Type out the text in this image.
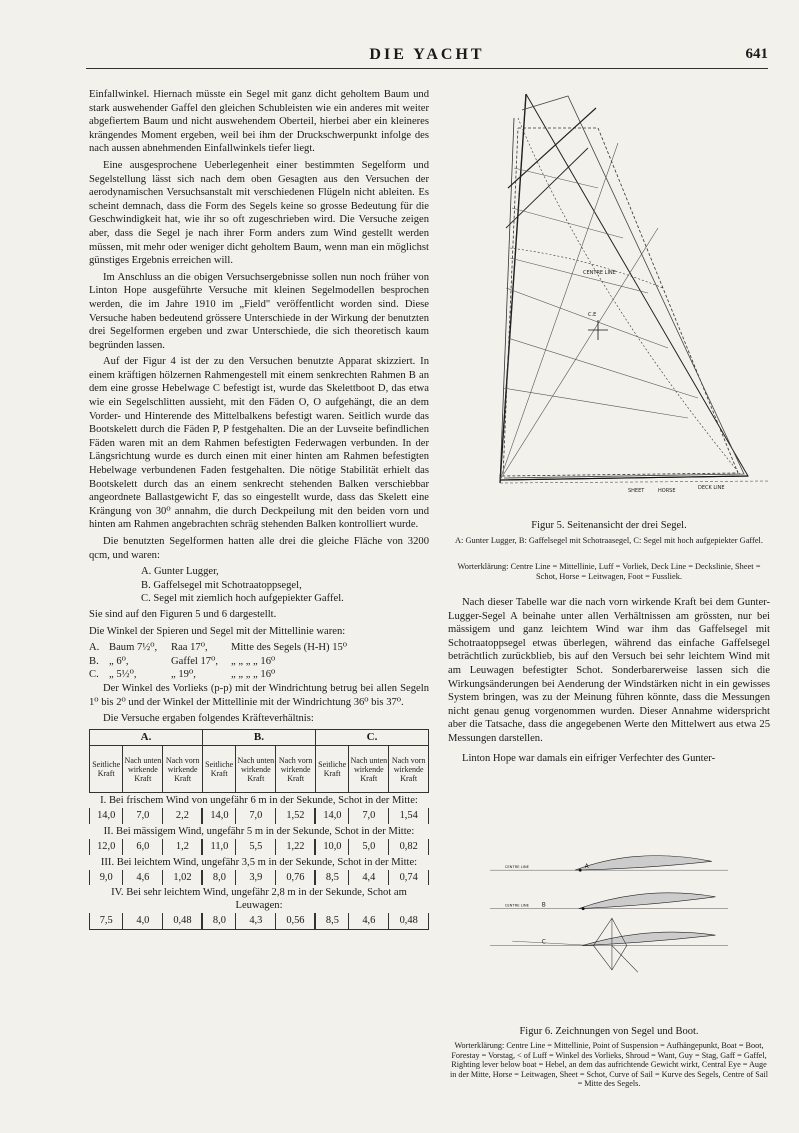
DIE YACHT	641

Einfallwinkel. Hiernach müsste ein Segel mit ganz dicht geholtem Baum und stark auswehender Gaffel den gleichen Schubleisten wie ein anderes mit weiter abgefiertem Baum und nicht auswehendem Oberteil, hierbei aber ein kleineres krängendes Moment ergeben, weil bei ihm der Druckschwerpunkt infolge des nach aussen abnehmenden Einfallwinkels tiefer liegt.

Eine ausgesprochene Ueberlegenheit einer bestimmten Segelform und Segelstellung lässt sich nach dem oben Gesagten aus den Versuchen der aerodynamischen Versuchsanstalt mit verschiedenen Flügeln nicht ableiten. Es scheint demnach, dass die Form des Segels keine so grosse Bedeutung für die Geschwindigkeit hat, wie ihr so oft zugeschrieben wird. Die Versuche zeigen aber, dass die Segel je nach ihrer Form anders zum Wind gestellt werden müssen, mit mehr oder weniger dicht geholtem Baum, wenn man ein möglichst günstiges Ergebnis erreichen will.

Im Anschluss an die obigen Versuchsergebnisse sollen nun noch früher von Linton Hope ausgeführte Versuche mit kleinen Segelmodellen besprochen werden, die im Jahre 1910 im „Field" veröffentlicht worden sind. Diese Versuche haben bedeutend grössere Unterschiede in der Wirkung der benutzten drei Segelformen ergeben und zwar Unterschiede, die sich theoretisch kaum begründen lassen.

Auf der Figur 4 ist der zu den Versuchen benutzte Apparat skizziert. In einem kräftigen hölzernen Rahmengestell mit einem senkrechten Rahmen B an dem eine grosse Hebelwage C befestigt ist, wurde das Skelettboot D, das etwa wie ein Segelschlitten aussieht, mit den Fäden O, O aufgehängt, die an dem Vorder- und Hinterende des Mittelbalkens befestigt waren. Seitlich wurde das Bootskelett durch die Fäden P, P festgehalten. Die an der Luvseite befindlichen Fäden waren mit an dem Rahmen befestigten Federwagen verbunden. In der Längsrichtung wurde es durch einen mit einer hinten am Rahmen befestigten Hebelwage verbundenen Faden festgehalten. Die nötige Stabilität erhielt das Bootskelett durch das an einem senkrecht stehenden Balken verschiebbar angeordnete Ballastgewicht F, das so eingestellt wurde, dass das Skelett eine Krängung von 30⁰ annahm, die durch Deckpeilung mit den beiden vorn und hinten am Rahmen angebrachten schräg stehenden Balken kontrolliert wurde.

Die benutzten Segelformen hatten alle drei die gleiche Fläche von 3200 qcm, und waren:

A. Gunter Lugger,
B. Gaffelsegel mit Schotraatoppsegel,
C. Segel mit ziemlich hoch aufgepiekter Gaffel.

Sie sind auf den Figuren 5 und 6 dargestellt.

Die Winkel der Spieren und Segel mit der Mittellinie waren:

A. Baum 7½⁰,	Raa 17⁰,	Mitte des Segels (H-H) 15⁰
B. „ 6⁰,	Gaffel 17⁰,	„ „ „ „ 16⁰
C. „ 5½⁰,	„ 19⁰,	„ „ „ „ 16⁰

Der Winkel des Vorlieks (p-p) mit der Windrichtung betrug bei allen Segeln 1⁰ bis 2⁰ und der Winkel der Mittellinie mit der Windrichtung 36⁰ bis 37⁰.

Die Versuche ergaben folgendes Kräfteverhältnis:

A.			B.			C.		
Seitliche Kraft	Nach unten wirkende Kraft	Nach vorn wirkende Kraft	Seitliche Kraft	Nach unten wirkende Kraft	Nach vorn wirkende Kraft	Seitliche Kraft	Nach unten wirkende Kraft	Nach vorn wirkende Kraft
I. Bei frischem Wind von ungefähr 6 m in der Sekunde, Schot in der Mitte:								
14,0	7,0	2,2	14,0	7,0	1,52	14,0	7,0	1,54
II. Bei mässigem Wind, ungefähr 5 m in der Sekunde, Schot in der Mitte:								
12,0	6,0	1,2	11,0	5,5	1,22	10,0	5,0	0,82
III. Bei leichtem Wind, ungefähr 3,5 m in der Sekunde, Schot in der Mitte:								
9,0	4,6	1,02	8,0	3,9	0,76	8,5	4,4	0,74
IV. Bei sehr leichtem Wind, ungefähr 2,8 m in der Sekunde, Schot am Leuwagen:								
7,5	4,0	0,48	8,0	4,3	0,56	8,5	4,6	0,48
C.E
CENTRE LINE
DECK LINE
SHEET	HORSE
Figur 5. Seitenansicht der drei Segel.
A: Gunter Lugger, B: Gaffelsegel mit Schotraasegel, C: Segel mit hoch aufgepiekter Gaffel.
Worterklärung: Centre Line = Mittellinie, Luff = Vorliek, Deck Line = Deckslinie, Sheet = Schot, Horse = Leitwagen, Foot = Fussliek.

Nach dieser Tabelle war die nach vorn wirkende Kraft bei dem Gunter-Lugger-Segel A beinahe unter allen Verhältnissen am grössten, nur bei mässigem und ganz leichtem Wind war ihm das Gaffelsegel mit Schotraatoppsegel etwas überlegen, während das einfache Gaffelsegel beträchtlich zurückblieb, bis auf den Versuch bei sehr leichtem Wind mit am Leuwagen befestigter Schot. Sonderbarerweise lassen sich die Wirkungsänderungen bei Aenderung der Windstärken nicht in ein gewisses System bringen, was zu der Meinung führen könnte, dass die Messungen nicht genau genug vorgenommen wurden. Dieser Annahme widerspricht aber die Tatsache, dass die angegebenen Werte den Mittelwert aus etwa 25 Messungen darstellen.

Linton Hope war damals ein eifriger Verfechter des Gunter-

A
CENTRE LINE
B
CENTRE LINE
C
Figur 6. Zeichnungen von Segel und Boot.
Worterklärung: Centre Line = Mittellinie, Point of Suspension = Aufhängepunkt, Boat = Boot, Forestay = Vorstag, < of Luff = Winkel des Vorlieks, Shroud = Want, Guy = Stag, Gaff = Gaffel, Righting lever below boat = Hebel, an dem das aufrichtende Gewicht wirkt, Central Eye = Auge in der Mitte, Horse = Leitwagen, Sheet = Schot, Curve of Sail = Kurve des Segels, Centre of Sail = Mitte des Segels.
